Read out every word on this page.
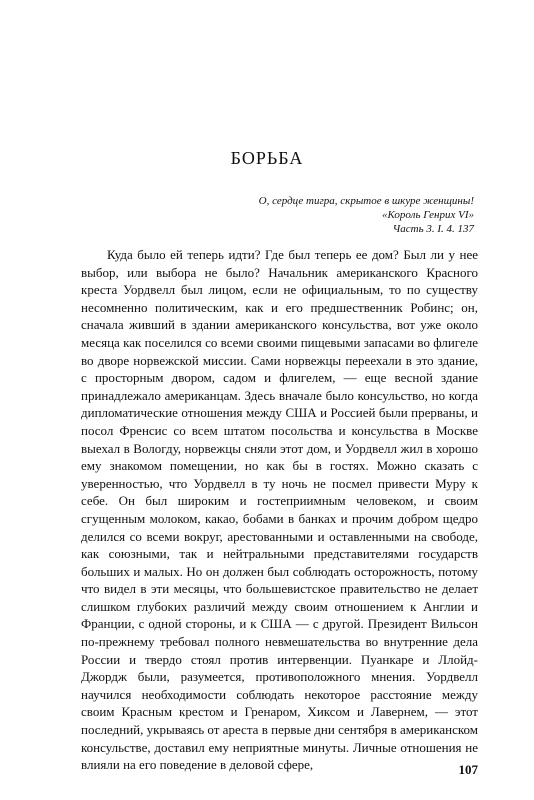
БОРЬБА
О, сердце тигра, скрытое в шкуре женщины!
«Король Генрих VI»
Часть 3. I. 4. 137

Куда было ей теперь идти? Где был теперь ее дом? Был ли у нее выбор, или выбора не было? Начальник американского Красного креста Уордвелл был лицом, если не официальным, то по существу несомненно политическим, как и его предшественник Робинс; он, сначала живший в здании американского консульства, вот уже около месяца как поселился со всеми своими пищевыми запасами во флигеле во дворе норвежской миссии. Сами норвежцы переехали в это здание, с просторным двором, садом и флигелем, — еще весной здание принадлежало американцам. Здесь вначале было консульство, но когда дипломатические отношения между США и Россией были прерваны, и посол Френсис со всем штатом посольства и консульства в Москве выехал в Вологду, норвежцы сняли этот дом, и Уордвелл жил в хорошо ему знакомом помещении, но как бы в гостях. Можно сказать с уверенностью, что Уордвелл в ту ночь не посмел привести Муру к себе. Он был широким и гостеприимным человеком, и своим сгущенным молоком, какао, бобами в банках и прочим добром щедро делился со всеми вокруг, арестованными и оставленными на свободе, как союзными, так и нейтральными представителями государств больших и малых. Но он должен был соблюдать осторожность, потому что видел в эти месяцы, что большевистское правительство не делает слишком глубоких различий между своим отношением к Англии и Франции, с одной стороны, и к США — с другой. Президент Вильсон по-прежнему требовал полного невмешательства во внутренние дела России и твердо стоял против интервенции. Пуанкаре и Ллойд-Джордж были, разумеется, противоположного мнения. Уордвелл научился необходимости соблюдать некоторое расстояние между своим Красным крестом и Гренаром, Хиксом и Лавернем, — этот последний, укрываясь от ареста в первые дни сентября в американском консульстве, доставил ему неприятные минуты. Личные отношения не влияли на его поведение в деловой сфере,	107
